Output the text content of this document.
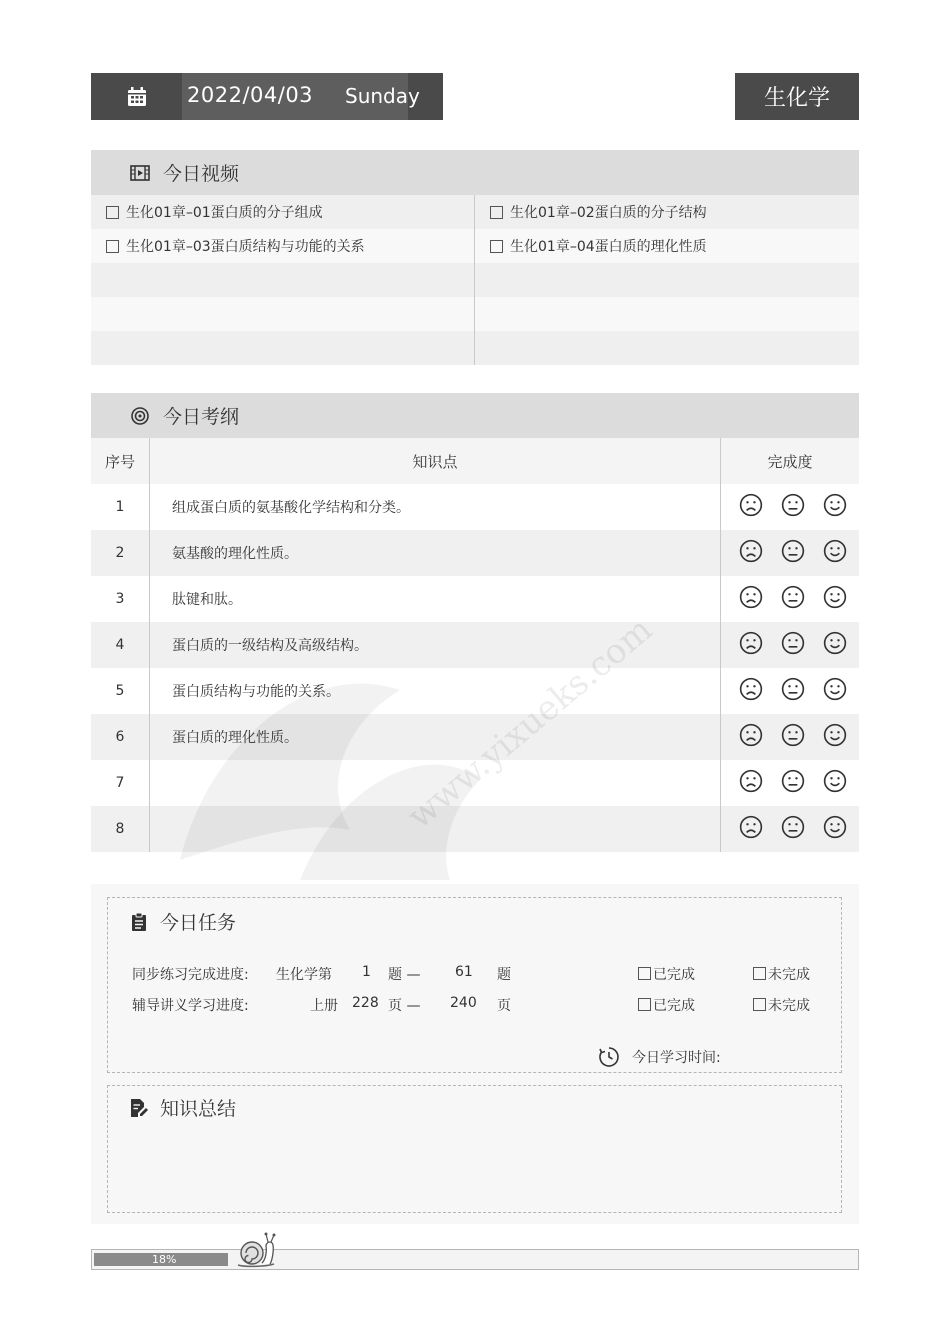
2022/04/03 Sunday	生化学
今日视频
生化01章–01蛋白质的分子组成	生化01章–02蛋白质的分子结构
生化01章–03蛋白质结构与功能的关系	生化01章–04蛋白质的理化性质
今日考纲
序号	知识点	完成度
1	组成蛋白质的氨基酸化学结构和分类。
2	氨基酸的理化性质。
3	肽键和肽。
4	蛋白质的一级结构及高级结构。
5	蛋白质结构与功能的关系。
6	蛋白质的理化性质。
7
8
今日任务
同步练习完成进度: 生化学第 1 题 — 61 题	已完成	未完成
辅导讲义学习进度:	上册 228 页 — 240 页	已完成	未完成
今日学习时间:
知识总结
18%
